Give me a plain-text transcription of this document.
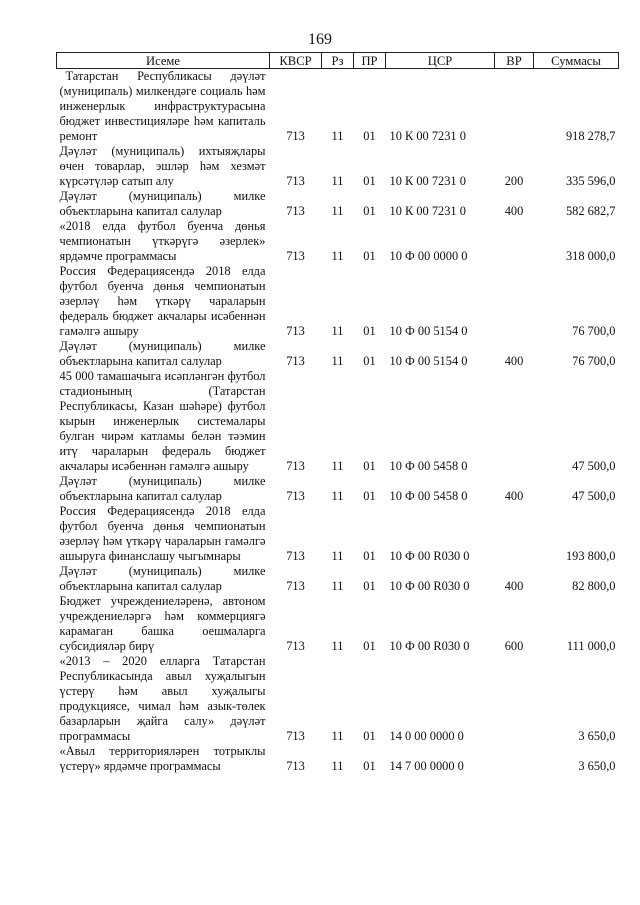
169
Исеме	КВСР	Рз	ПР	ЦСР	ВР	Суммасы
Татарстан Республикасы дәүләт (муниципаль) милкендәге социаль һәм инженерлык инфраструктурасына бюджет инвестицияләре һәм капиталь ремонт	713	11	01	10 К 00 7231 0		918 278,7
Дәүләт (муниципаль) ихтыяҗлары өчен товарлар, эшләр һәм хезмәт күрсәтүләр сатып алу	713	11	01	10 К 00 7231 0	200	335 596,0
Дәүләт (муниципаль) милке объектларына капитал салулар	713	11	01	10 К 00 7231 0	400	582 682,7
«2018 елда футбол буенча дөнья чемпионатын үткәрүгә әзерлек» ярдәмче программасы	713	11	01	10 Ф 00 0000 0		318 000,0
Россия Федерациясендә 2018 елда футбол буенча дөнья чемпионатын әзерләү һәм үткәрү чараларын федераль бюджет акчалары исәбеннән гамәлгә ашыру	713	11	01	10 Ф 00 5154 0		76 700,0
Дәүләт (муниципаль) милке объектларына капитал салулар	713	11	01	10 Ф 00 5154 0	400	76 700,0
45 000 тамашачыга исәпләнгән футбол стадионының (Татарстан Республикасы, Казан шәһәре) футбол кырын инженерлык системалары булган чирәм катламы белән тәэмин итү чараларын федераль бюджет акчалары исәбеннән гамәлгә ашыру	713	11	01	10 Ф 00 5458 0		47 500,0
Дәүләт (муниципаль) милке объектларына капитал салулар	713	11	01	10 Ф 00 5458 0	400	47 500,0
Россия Федерациясендә 2018 елда футбол буенча дөнья чемпионатын әзерләү һәм үткәрү чараларын гамәлгә ашыруга финанслашу чыгымнары	713	11	01	10 Ф 00 R030 0		193 800,0
Дәүләт (муниципаль) милке объектларына капитал салулар	713	11	01	10 Ф 00 R030 0	400	82 800,0
Бюджет учреждениеләренә, автоном учреждениеләргә һәм коммерциягә карамаган башка оешмаларга субсидияләр бирү	713	11	01	10 Ф 00 R030 0	600	111 000,0
«2013 – 2020 елларга Татарстан Республикасында авыл хуҗалыгын үстерү һәм авыл хуҗалыгы продукциясе, чимал һәм азык-төлек базарларын җайга салу» дәүләт программасы	713	11	01	14 0 00 0000 0		3 650,0
«Авыл территорияләрен тотрыклы үстерү» ярдәмче программасы	713	11	01	14 7 00 0000 0		3 650,0
